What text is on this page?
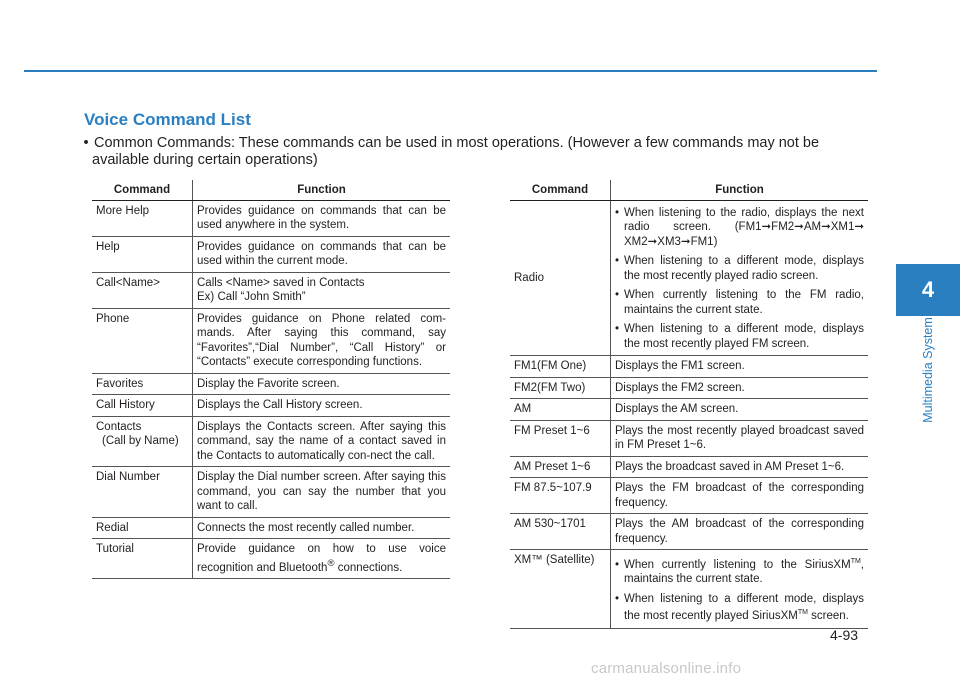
Voice Command List
• Common Commands: These commands can be used in most operations. (However a few commands may not be
available during certain operations)
Command	Function
More Help	Provides guidance on commands that can be used anywhere in the system.
Help	Provides guidance on commands that can be used within the current mode.
Call<Name>	Calls <Name> saved in Contacts
Ex) Call “John Smith”

Phone	Provides guidance on Phone related com-mands. After saying this command, say “Favorites”,“Dial Number”, “Call History” or “Contacts” execute corresponding functions.
Favorites	Display the Favorite screen.
Call History	Displays the Call History screen.
Contacts
(Call by Name)	Displays the Contacts screen. After saying this command, say the name of a contact saved in the Contacts to automatically con-nect the call.
Dial Number	Display the Dial number screen. After saying this command, you can say the number that you want to call.
Redial	Connects the most recently called number.
Tutorial	Provide guidance on how to use voice recognition and Bluetooth® connections.
Command	Function
Radio	• When listening to the radio, displays the next radio screen. (FM1➞FM2➞AM➞XM1➞ XM2➞XM3➞FM1)
• When listening to a different mode, displays the most recently played radio screen.
• When currently listening to the FM radio, maintains the current state.
• When listening to a different mode, displays the most recently played FM screen.

FM1(FM One)	Displays the FM1 screen.
FM2(FM Two)	Displays the FM2 screen.
AM	Displays the AM screen.
FM Preset 1~6	Plays the most recently played broadcast saved in FM Preset 1~6.
AM Preset 1~6	Plays the broadcast saved in AM Preset 1~6.
FM 87.5~107.9	Plays the FM broadcast of the corresponding frequency.
AM 530~1701	Plays the AM broadcast of the corresponding frequency.
XM™ (Satellite)	• When currently listening to the SiriusXM™, maintains the current state.
• When listening to a different mode, displays the most recently played SiriusXM™ screen.
4
Multimedia System
4-93
carmanualsonline.info
